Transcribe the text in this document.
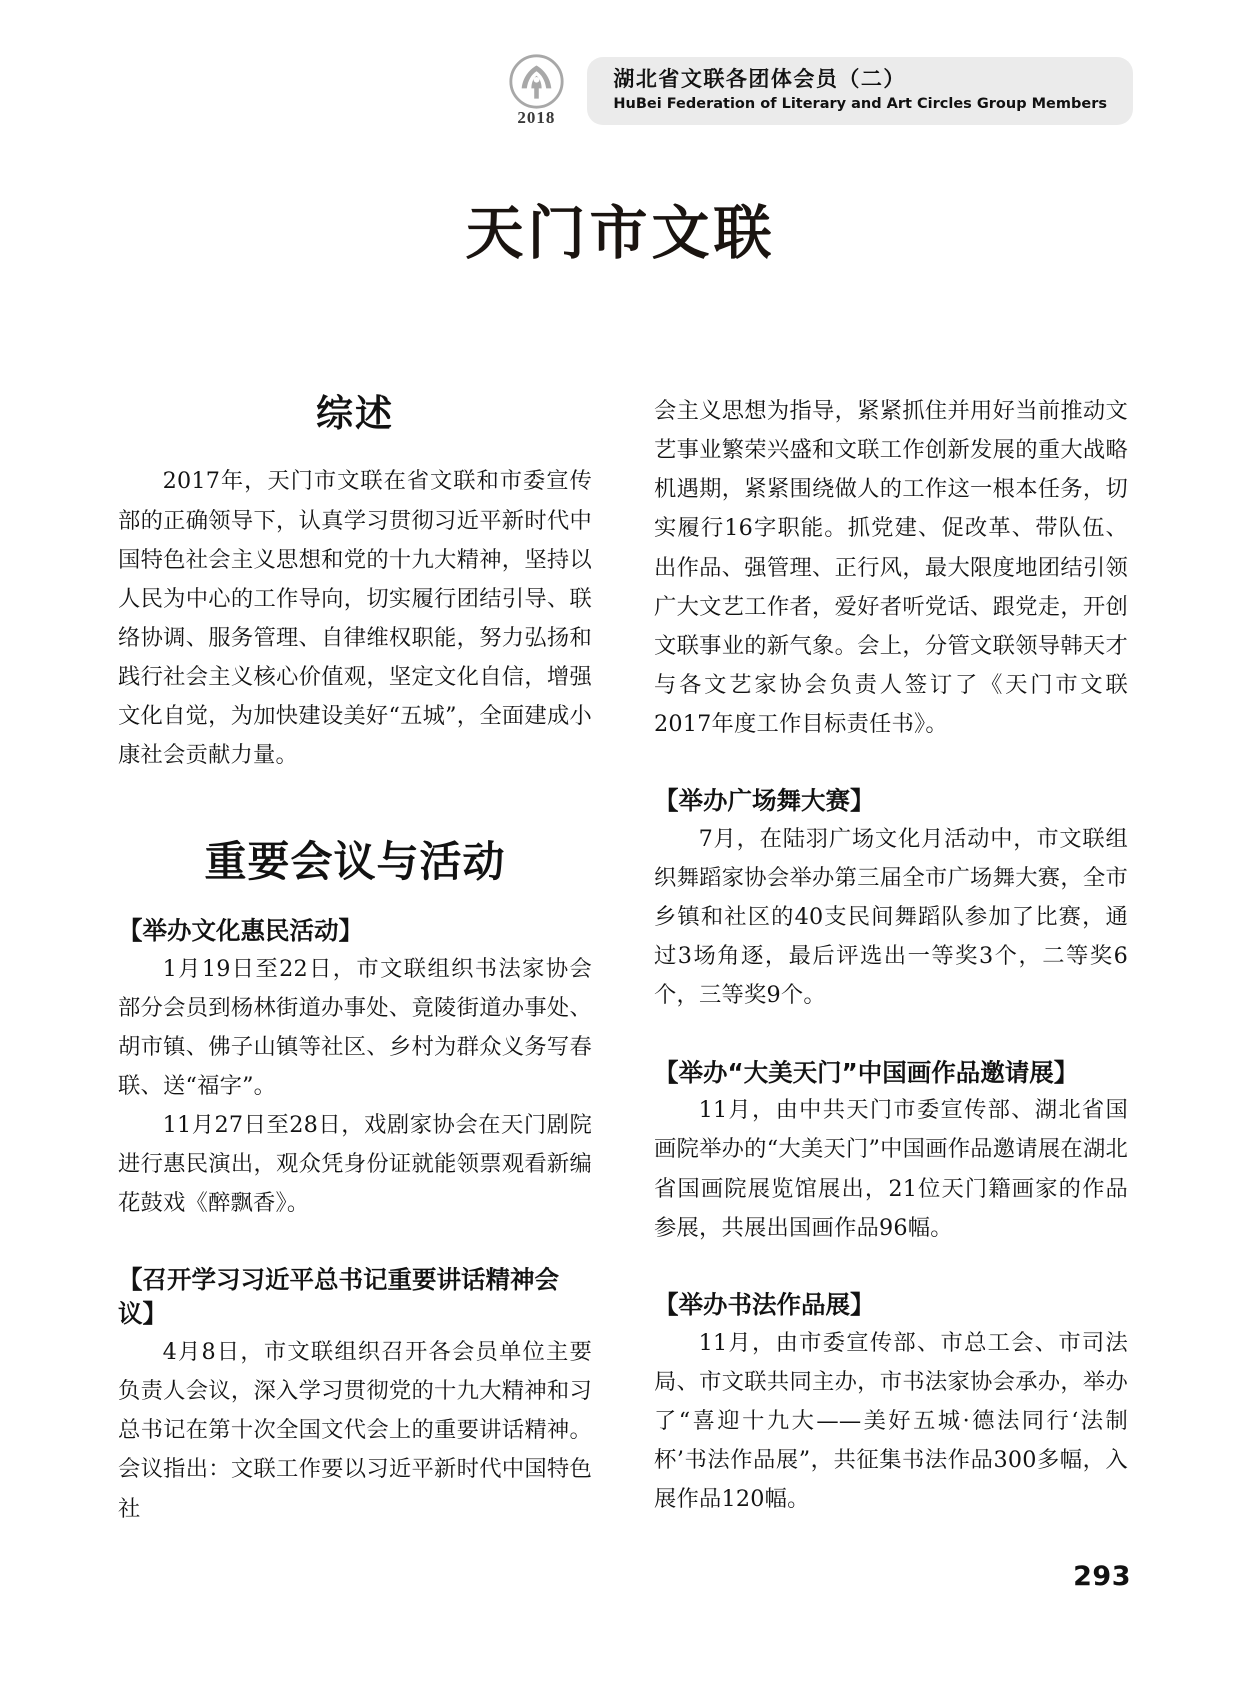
2018
湖北省文联各团体会员（二）
HuBei Federation of Literary and Art Circles Group Members
天门市文联
综述

2017年，天门市文联在省文联和市委宣传部的正确领导下，认真学习贯彻习近平新时代中国特色社会主义思想和党的十九大精神，坚持以人民为中心的工作导向，切实履行团结引导、联络协调、服务管理、自律维权职能，努力弘扬和践行社会主义核心价值观，坚定文化自信，增强文化自觉，为加快建设美好“五城”，全面建成小康社会贡献力量。

重要会议与活动
【举办文化惠民活动】

1月19日至22日，市文联组织书法家协会部分会员到杨林街道办事处、竟陵街道办事处、胡市镇、佛子山镇等社区、乡村为群众义务写春联、送“福字”。

11月27日至28日，戏剧家协会在天门剧院进行惠民演出，观众凭身份证就能领票观看新编花鼓戏《醉飘香》。

【召开学习习近平总书记重要讲话精神会议】

4月8日，市文联组织召开各会员单位主要负责人会议，深入学习贯彻党的十九大精神和习总书记在第十次全国文代会上的重要讲话精神。会议指出：文联工作要以习近平新时代中国特色社

会主义思想为指导，紧紧抓住并用好当前推动文艺事业繁荣兴盛和文联工作创新发展的重大战略机遇期，紧紧围绕做人的工作这一根本任务，切实履行16字职能。抓党建、促改革、带队伍、出作品、强管理、正行风，最大限度地团结引领广大文艺工作者，爱好者听党话、跟党走，开创文联事业的新气象。会上，分管文联领导韩天才与各文艺家协会负责人签订了《天门市文联2017年度工作目标责任书》。

【举办广场舞大赛】

7月，在陆羽广场文化月活动中，市文联组织舞蹈家协会举办第三届全市广场舞大赛，全市乡镇和社区的40支民间舞蹈队参加了比赛，通过3场角逐，最后评选出一等奖3个，二等奖6个，三等奖9个。

【举办“大美天门”中国画作品邀请展】

11月，由中共天门市委宣传部、湖北省国画院举办的“大美天门”中国画作品邀请展在湖北省国画院展览馆展出，21位天门籍画家的作品参展，共展出国画作品96幅。

【举办书法作品展】

11月，由市委宣传部、市总工会、市司法局、市文联共同主办，市书法家协会承办，举办了“喜迎十九大——美好五城·德法同行‘法制杯’书法作品展”，共征集书法作品300多幅，入展作品120幅。

293
